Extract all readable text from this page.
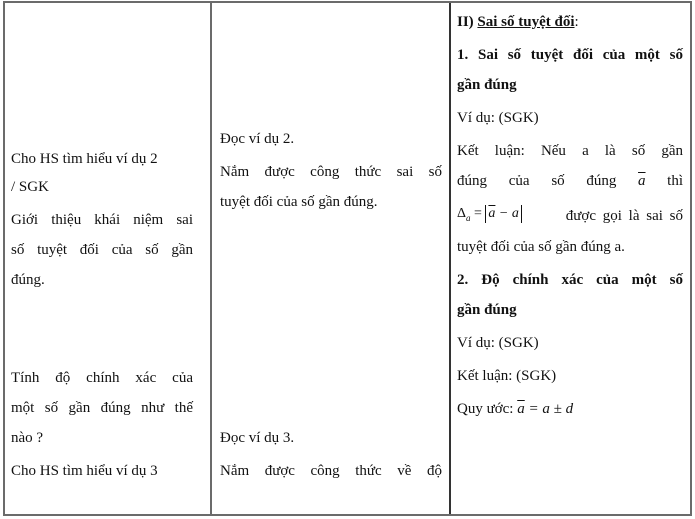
Cho HS tìm hiểu ví dụ 2
/ SGK
Giới thiệu khái niệm sai
số tuyệt đối của số gần
đúng.
Tính độ chính xác của
một số gần đúng như thế
nào ?
Cho HS tìm hiểu ví dụ 3
Đọc ví dụ 2.
Nắm được công thức sai số
tuyệt đối của số gần đúng.
Đọc ví dụ 3.
Nắm được công thức về độ
II) Sai số tuyệt đối:
1. Sai số tuyệt đối của một số
gần đúng
Ví dụ: (SGK)
Kết luận: Nếu a là số gần
đúng của số đúng $\overline{a}$ thì
$\Delta_a = \overline{a} - a$	được gọi là sai số
tuyệt đối của số gần đúng a.
2. Độ chính xác của một số
gần đúng
Ví dụ: (SGK)
Kết luận: (SGK)
Quy ước: $\overline{a} = a \pm d$
